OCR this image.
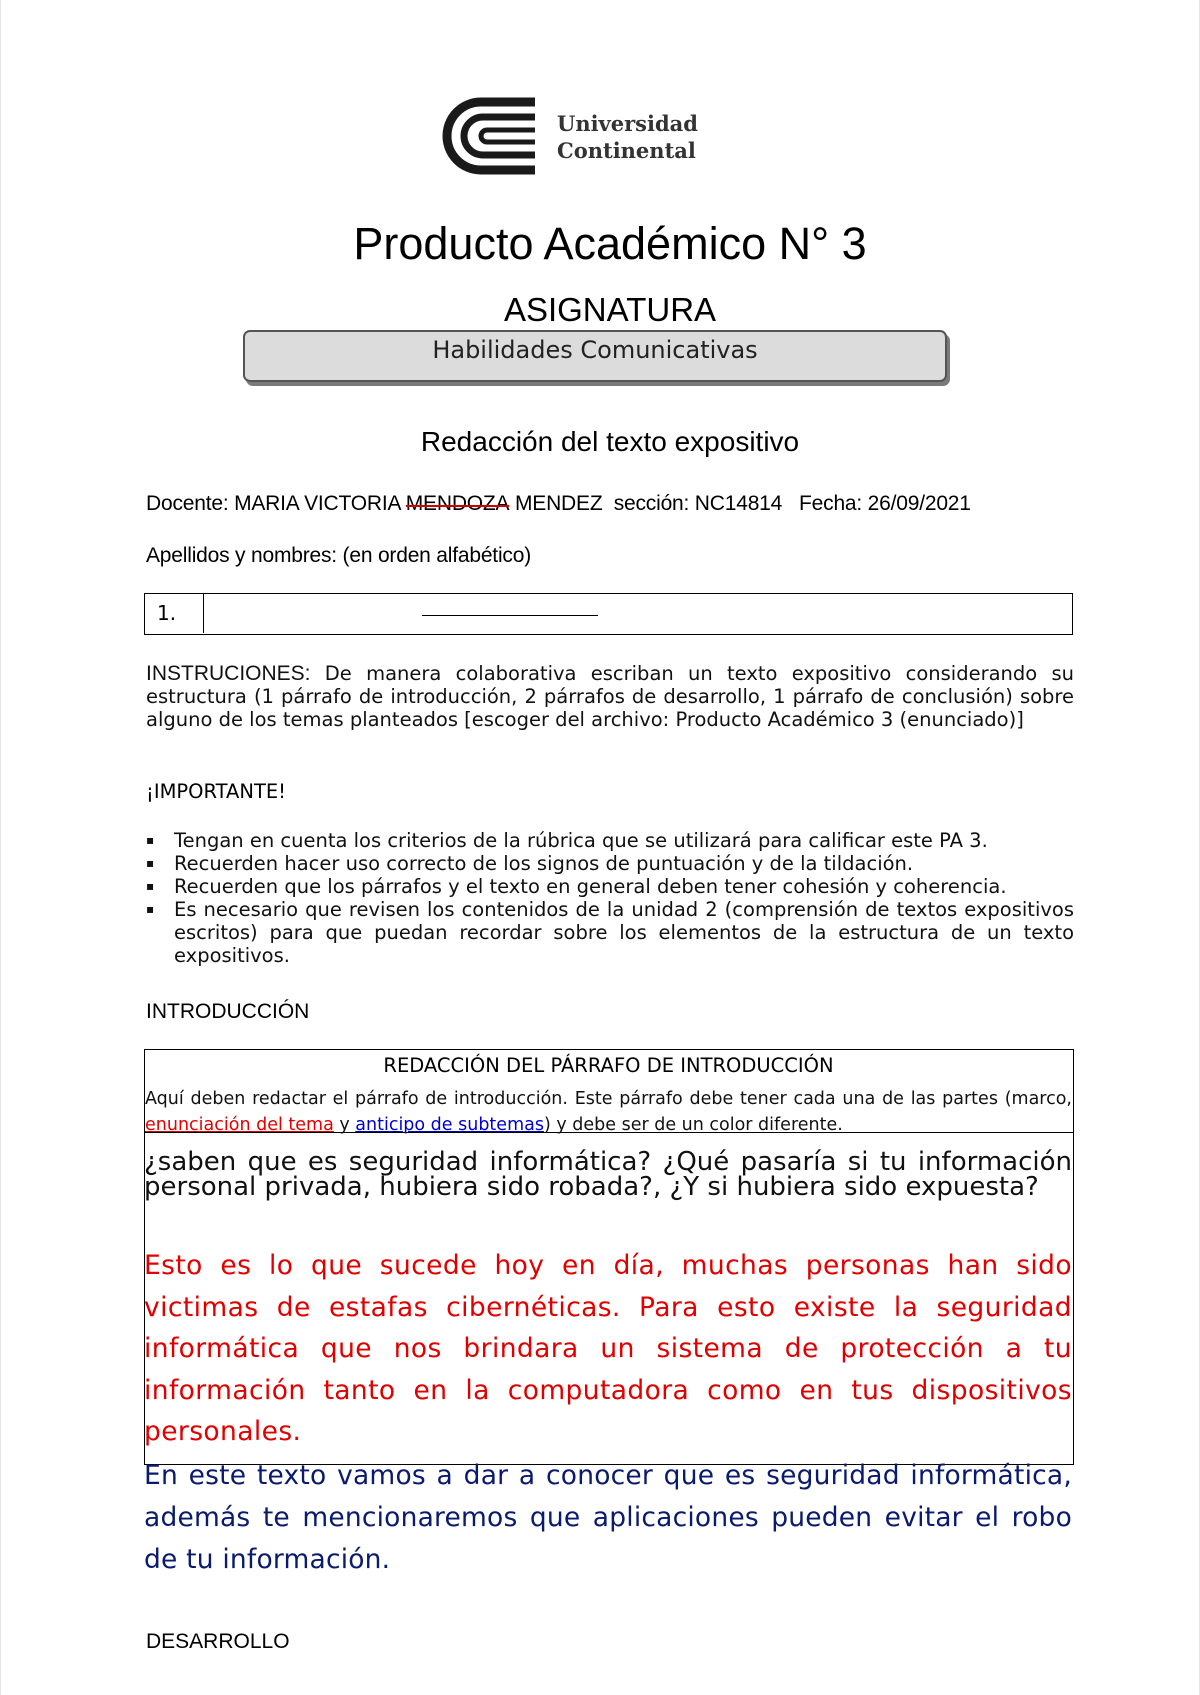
Universidad
Continental
Producto Académico N° 3
ASIGNATURA
Habilidades Comunicativas
Redacción del texto expositivo
Docente: MARIA VICTORIA MENDOZA MENDEZ  sección: NC14814   Fecha: 26/09/2021
Apellidos y nombres: (en orden alfabético)
1.
INSTRUCIONES: De manera colaborativa escriban un texto expositivo considerando su estructura (1 párrafo de introducción, 2 párrafos de desarrollo, 1 párrafo de conclusión) sobre alguno de los temas planteados [escoger del archivo: Producto Académico 3 (enunciado)]
¡IMPORTANTE!
▪ Tengan en cuenta los criterios de la rúbrica que se utilizará para calificar este PA 3.
▪ Recuerden hacer uso correcto de los signos de puntuación y de la tildación.
▪ Recuerden que los párrafos y el texto en general deben tener cohesión y coherencia.
▪ Es necesario que revisen los contenidos de la unidad 2 (comprensión de textos expositivos escritos) para que puedan recordar sobre los elementos de la estructura de un texto expositivos.
INTRODUCCIÓN
REDACCIÓN DEL PÁRRAFO DE INTRODUCCIÓN
Aquí deben redactar el párrafo de introducción. Este párrafo debe tener cada una de las partes (marco, enunciación del tema y anticipo de subtemas) y debe ser de un color diferente.
¿saben que es seguridad informática? ¿Qué pasaría si tu información personal privada, hubiera sido robada?, ¿Y si hubiera sido expuesta?
Esto es lo que sucede hoy en día, muchas personas han sido victimas de estafas cibernéticas. Para esto existe la seguridad informática que nos brindara un sistema de protección a tu información tanto en la computadora como en tus dispositivos personales.
En este texto vamos a dar a conocer que es seguridad informática, además te mencionaremos que aplicaciones pueden evitar el robo de tu información.
DESARROLLO
